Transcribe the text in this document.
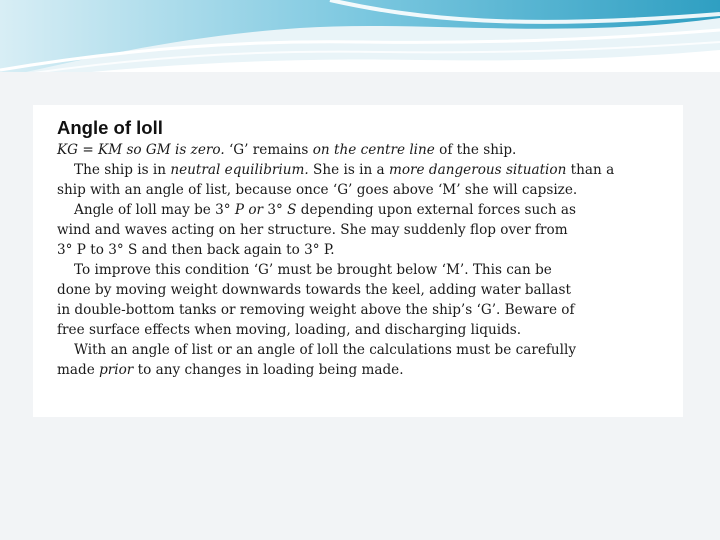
Angle of loll

KG = KM so GM is zero. ‘G’ remains on the centre line of the ship.

The ship is in neutral equilibrium. She is in a more dangerous situation than a

ship with an angle of list, because once ‘G’ goes above ‘M’ she will capsize.

Angle of loll may be 3° P or 3° S depending upon external forces such as

wind and waves acting on her structure. She may suddenly flop over from

3° P to 3° S and then back again to 3° P.

To improve this condition ‘G’ must be brought below ‘M’. This can be

done by moving weight downwards towards the keel, adding water ballast

in double-bottom tanks or removing weight above the ship’s ‘G’. Beware of

free surface effects when moving, loading, and discharging liquids.

With an angle of list or an angle of loll the calculations must be carefully

made prior to any changes in loading being made.
